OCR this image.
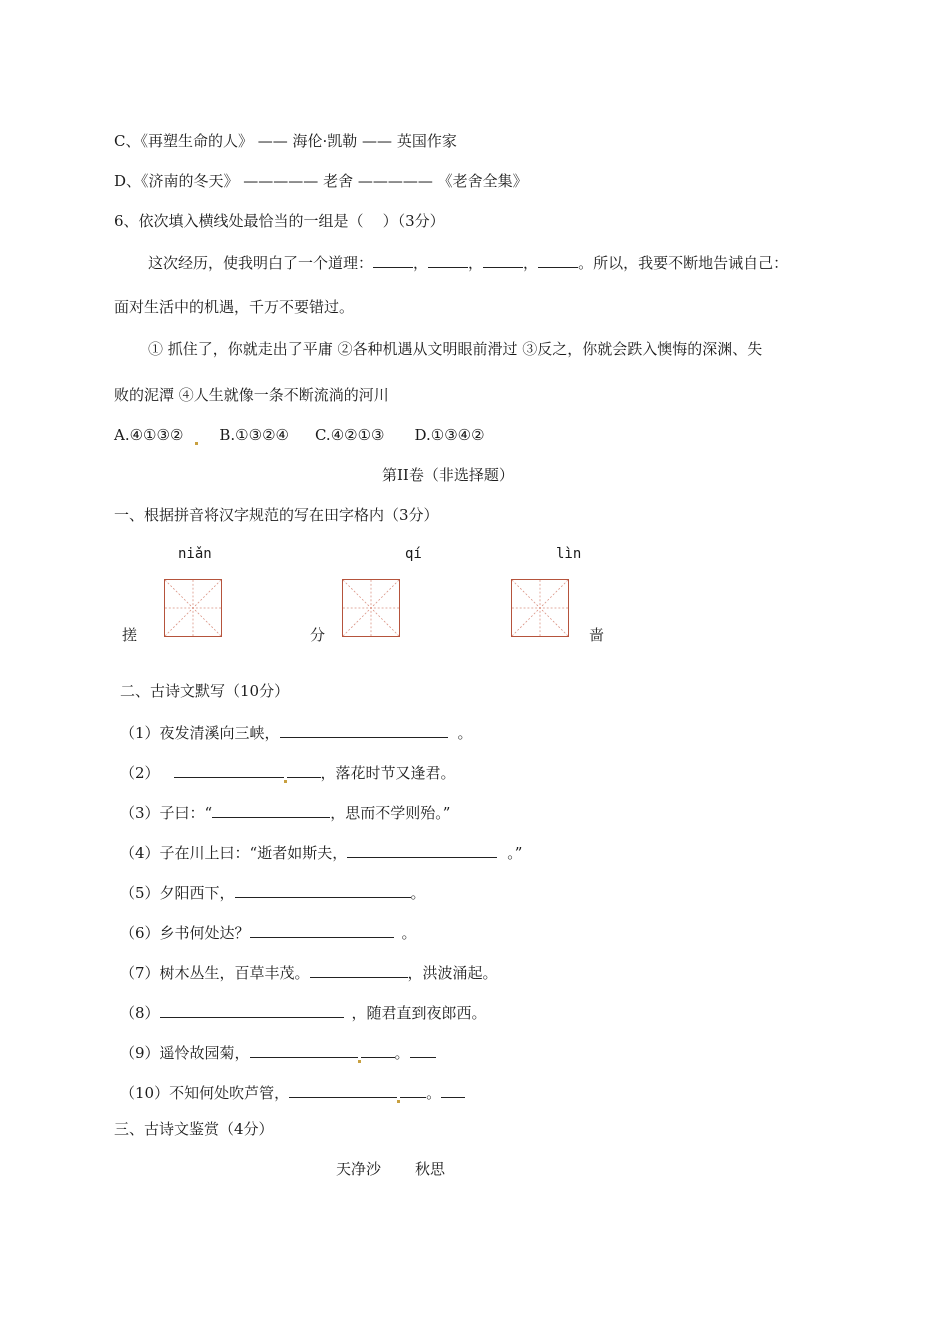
C、《再塑生命的人》 —— 海伦·凯勒 —— 英国作家
D、《济南的冬天》 ————— 老舍 ————— 《老舍全集》
6、依次填入横线处最恰当的一组是（    ）（3分）
这次经历，使我明白了一个道理：	，	，	，	。所以，我要不断地告诫自己：
面对生活中的机遇，千万不要错过。
① 抓住了，你就走出了平庸 ②各种机遇从文明眼前滑过 ③反之，你就会跌入懊悔的深渊、失
败的泥潭 ④人生就像一条不断流淌的河川
A.④①③② B.①③②④ C.④②①③ D.①③④②
第II卷（非选择题）
一、根据拼音将汉字规范的写在田字格内（3分）
niǎn	qí	lìn
搓	分	啬
二、古诗文默写（10分）
（1）夜发清溪向三峡，	。
（2）	，落花时节又逢君。
（3）子曰：“	，思而不学则殆。”
（4）子在川上曰：“逝者如斯夫，	。”
（5）夕阳西下，	。
（6）乡书何处达？	。
（7）树木丛生，百草丰茂。	，洪波涌起。
（8）	，随君直到夜郎西。
（9）遥怜故园菊，	。
（10）不知何处吹芦管，	。
三、古诗文鉴赏（4分）
天净沙 秋思
